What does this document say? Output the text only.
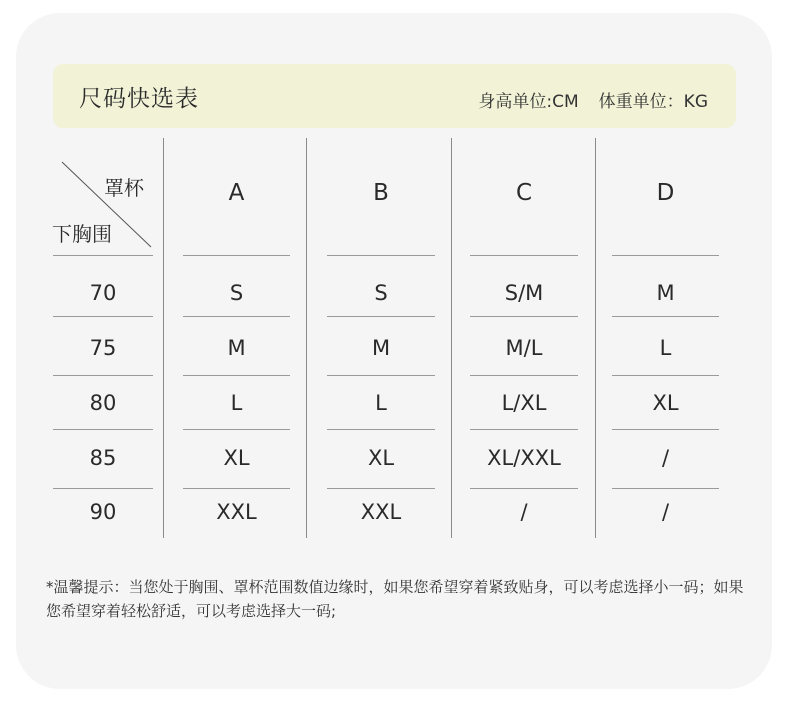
尺码快选表	身高单位:CM 体重单位：KG
罩杯
下胸围
A	B	C	D
70	S	S	S/M	M
75	M	M	M/L	L
80	L	L	L/XL	XL
85	XL	XL	XL/XXL	/
90	XXL	XXL	/	/
*温馨提示：当您处于胸围、罩杯范围数值边缘时，如果您希望穿着紧致贴身，可以考虑选择小一码；如果您希望穿着轻松舒适，可以考虑选择大一码;
